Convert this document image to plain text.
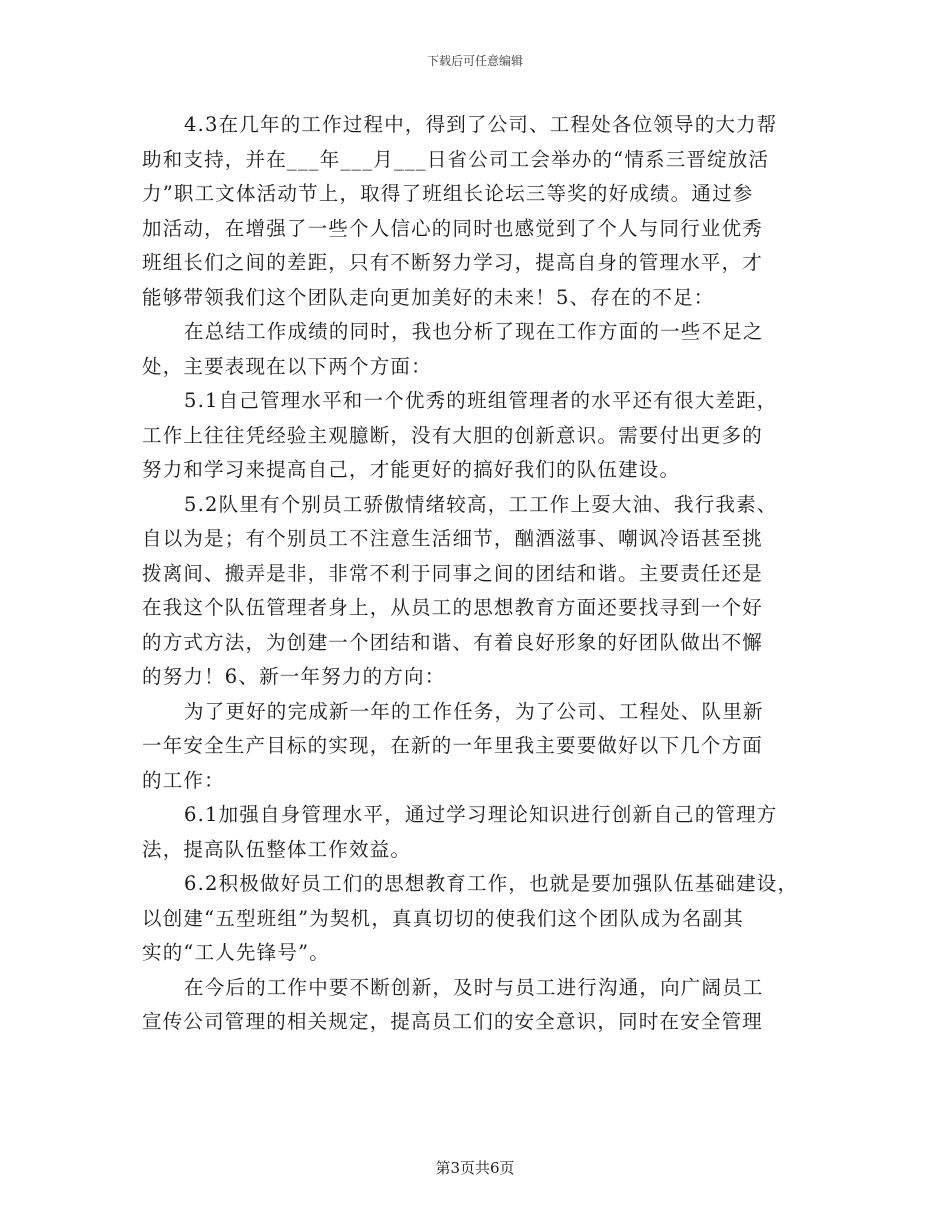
下载后可任意编辑
4.3在几年的工作过程中，得到了公司、工程处各位领导的大力帮
助和支持，并在___年___月___日省公司工会举办的“情系三晋绽放活
力”职工文体活动节上，取得了班组长论坛三等奖的好成绩。通过参
加活动，在增强了一些个人信心的同时也感觉到了个人与同行业优秀
班组长们之间的差距，只有不断努力学习，提高自身的管理水平，才
能够带领我们这个团队走向更加美好的未来！5、存在的不足：
在总结工作成绩的同时，我也分析了现在工作方面的一些不足之
处，主要表现在以下两个方面：
5.1自己管理水平和一个优秀的班组管理者的水平还有很大差距，
工作上往往凭经验主观臆断，没有大胆的创新意识。需要付出更多的
努力和学习来提高自己，才能更好的搞好我们的队伍建设。
5.2队里有个别员工骄傲情绪较高，工工作上耍大油、我行我素、
自以为是；有个别员工不注意生活细节，酗酒滋事、嘲讽冷语甚至挑
拨离间、搬弄是非，非常不利于同事之间的团结和谐。主要责任还是
在我这个队伍管理者身上，从员工的思想教育方面还要找寻到一个好
的方式方法，为创建一个团结和谐、有着良好形象的好团队做出不懈
的努力！6、新一年努力的方向：
为了更好的完成新一年的工作任务，为了公司、工程处、队里新
一年安全生产目标的实现，在新的一年里我主要要做好以下几个方面
的工作：
6.1加强自身管理水平，通过学习理论知识进行创新自己的管理方
法，提高队伍整体工作效益。
6.2积极做好员工们的思想教育工作，也就是要加强队伍基础建设，
以创建“五型班组”为契机，真真切切的使我们这个团队成为名副其
实的“工人先锋号”。
在今后的工作中要不断创新，及时与员工进行沟通，向广阔员工
宣传公司管理的相关规定，提高员工们的安全意识，同时在安全管理
第3页共6页
